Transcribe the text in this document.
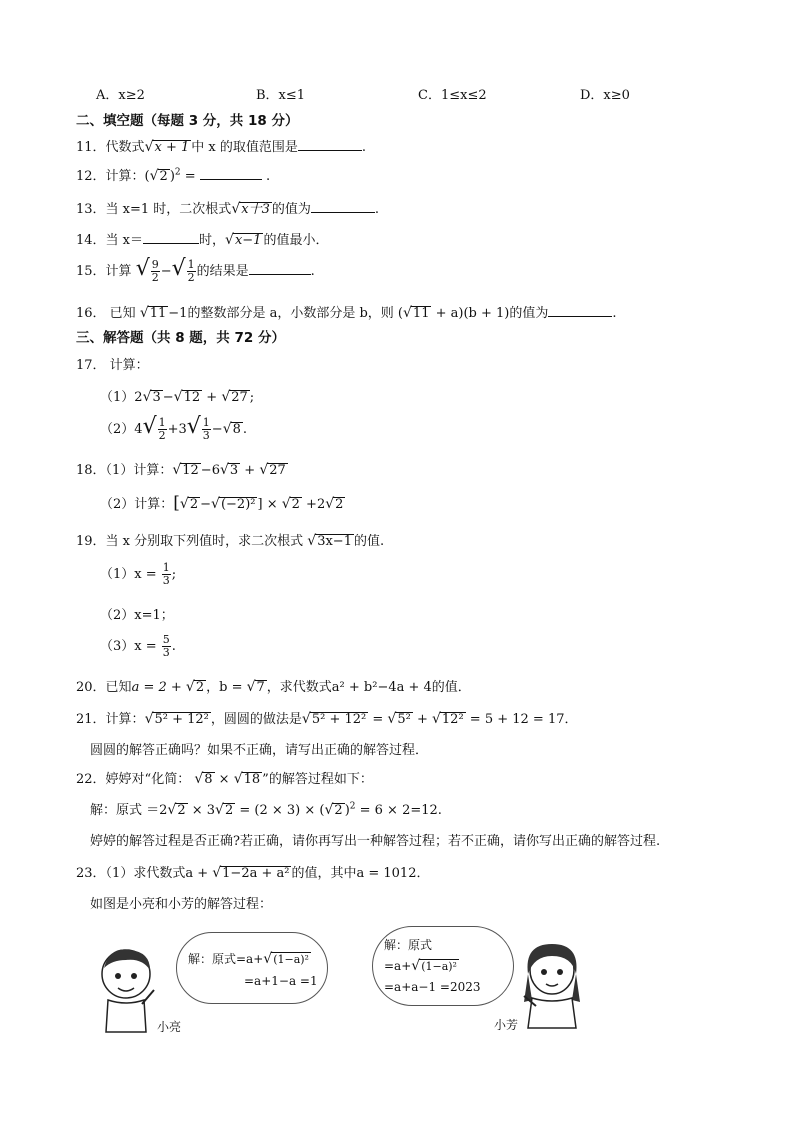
A．x≥2	B．x≤1	C．1≤x≤2	D．x≥0
二、填空题（每题 3 分，共 18 分）
11．代数式√x + 1 中 x 的取值范围是	.
12．计算：(√2 )$^2$ =	.
13．当 x=1 时，二次根式√x十3 的值为	.
14．当 x＝	时，√x−1 的值最小．
15．计算 √ $\frac{9}{2}$ −√ $\frac{1}{2}$ 的结果是	.
16． 已知 √11 −1的整数部分是 a，小数部分是 b，则 (√11 + a)(b + 1)的值为	.
三、解答题（共 8 题，共 72 分）
17． 计算：
（1）2√3 −√12 + √27 ;
$(2)4√ \frac{1}{2} +3√ \frac{1}{3} -√8$ .
18．（1）计算：√12 −6√3 + √27
（2）计算：[√2 −√(−2)² ] × √2 +2√2
19．当 x 分别取下列值时，求二次根式 √3x−1 的值.
$(1)x = \frac{1}{3}$ ;
（2）x=1；
$(3)x = \frac{5}{3}$ .
20．已知a = 2 + √2 ，b = √7 ，求代数式a² + b²−4a + 4的值．
21．计算：√5² + 12² ，圆圆的做法是√5² + 12² = √5² + √12² = 5 + 12 = 17．
圆圆的解答正确吗？如果不正确，请写出正确的解答过程．
22．婷婷对“化简： √8 × √18 ”的解答过程如下：
解：原式 ＝2√2 × 3√2 = (2 × 3) × (√2 )$^2$ = 6 × 2=12.
婷婷的解答过程是否正确?若正确，请你再写出一种解答过程；若不正确，请你写出正确的解答过程.
23．（1）求代数式a + √1−2a + a² 的值，其中a = 1012．
如图是小亮和小芳的解答过程：
小亮
解：原式=a+√(1−a)²
=a+1−a =1
解：原式
=a+√(1−a)²
=a+a−1 =2023
小芳
